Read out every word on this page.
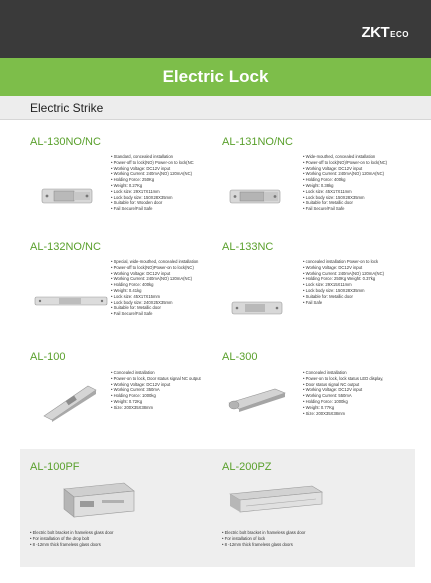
ZKTECO
Electric Lock
Electric Strike
AL-130NO/NC
• Standard, concealed installation
• Power-off to lock(NO) Power-on to lock(NC
• Working Voltage: DC12V input
• Working Current: 240mA(NO) 120mA(NC)
• Holding Force: 250Kg
• Weight: 0.27Kg
• Lock size: 29X17X11mm
• Lock body size: 150X28X35mm
• Suitable for: Wooden door
• Fail Secure/Fail Safe
AL-131NO/NC
• Wide-mouthed, concealed installation
• Power-off to lock(NO)/Power-on to lock(NC)
• Working Voltage: DC12V input
• Working Current: 240mA(NO) 120mA(NC)
• Holding Force: 400kg
• Weight: 0.38kg
• Lock size: 45X17X11mm
• Lock body size: 150X28X35mm
• Suitable for: Metallic door
• Fail Secure/Fail Safe
AL-132NO/NC
• Special, wide-mouthed, concealed installation
• Power-off to lock(NO)Power-on to lock(NC)
• Working Voltage: DC12V input
• Working Current: 240mA(NO) 120mA(NC)
• Holding Force: 400kg
• Weight: 0.41kg
• Lock size: 45X17X15mm
• Lock body size: 240X25X35mm
• Suitable for: Metallic door
• Fail Secure/Fail Safe
AL-133NC
• concealed installation Power-on to lock
• Working Voltage: DC12V input
• Working Current: 240mA(NO) 120mA(NC)
• Holding Force: 250Kg Weight: 0.37kg
• Lock size: 29X15X11mm
• Lock body size: 150X28X35mm
• Suitable for: Metallic door
• Fail Safe
AL-100
• Concealed installation
• Power-on to lock, Door status signal NC output
• Working Voltage: DC12V input
• Working Current: 350mA
• Holding Force: 1000kg
• Weight: 0.72Kg
• Size: 200X35X38mm
AL-300
• Concealed installation
• Power-on to lock, lock status LED display,
• Door status signal NC output
• Working Voltage: DC12V input
• Working Current: 550mA
• Holding Force: 1000kg
• Weight: 0.77Kg
• Size: 200X35X38mm
AL-100PF
• Electric bolt bracket in frameless glass door
• For installation of the drop bolt
• 8 -12mm thick frameless glass doors
AL-200PZ
• Electric bolt bracket in frameless glass door
• For installation of lock
• 8 -12mm thick frameless glass doors
